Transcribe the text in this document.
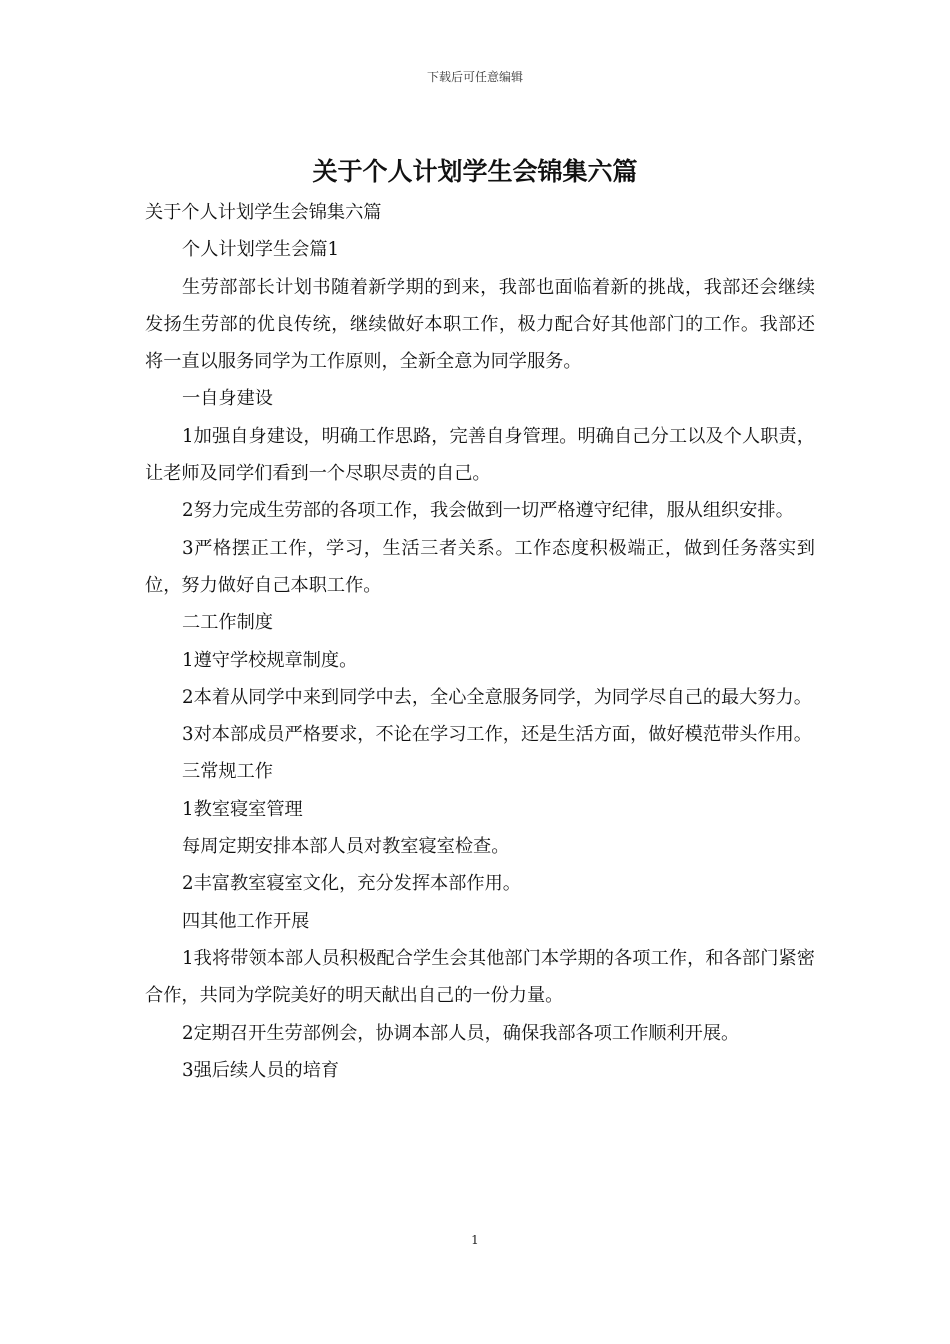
下载后可任意编辑
关于个人计划学生会锦集六篇

关于个人计划学生会锦集六篇

个人计划学生会篇1

生劳部部长计划书随着新学期的到来，我部也面临着新的挑战，我部还会继续发扬生劳部的优良传统，继续做好本职工作，极力配合好其他部门的工作。我部还将一直以服务同学为工作原则，全新全意为同学服务。

一自身建设

1加强自身建设，明确工作思路，完善自身管理。明确自己分工以及个人职责，让老师及同学们看到一个尽职尽责的自己。

2努力完成生劳部的各项工作，我会做到一切严格遵守纪律，服从组织安排。

3严格摆正工作，学习，生活三者关系。工作态度积极端正，做到任务落实到位，努力做好自己本职工作。

二工作制度

1遵守学校规章制度。

2本着从同学中来到同学中去，全心全意服务同学，为同学尽自己的最大努力。

3对本部成员严格要求，不论在学习工作，还是生活方面，做好模范带头作用。

三常规工作

1教室寝室管理

每周定期安排本部人员对教室寝室检查。

2丰富教室寝室文化，充分发挥本部作用。

四其他工作开展

1我将带领本部人员积极配合学生会其他部门本学期的各项工作，和各部门紧密合作，共同为学院美好的明天献出自己的一份力量。

2定期召开生劳部例会，协调本部人员，确保我部各项工作顺利开展。

3强后续人员的培育

1
